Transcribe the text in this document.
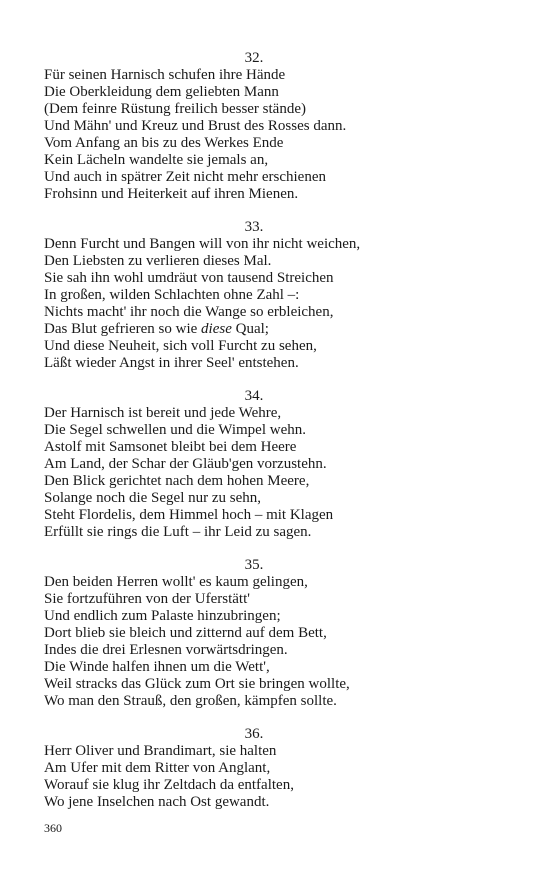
32.

Für seinen Harnisch schufen ihre Hände

Die Oberkleidung dem geliebten Mann

(Dem feinre Rüstung freilich besser stände)

Und Mähn' und Kreuz und Brust des Rosses dann.

Vom Anfang an bis zu des Werkes Ende

Kein Lächeln wandelte sie jemals an,

Und auch in spätrer Zeit nicht mehr erschienen

Frohsinn und Heiterkeit auf ihren Mienen.

33.

Denn Furcht und Bangen will von ihr nicht weichen,

Den Liebsten zu verlieren dieses Mal.

Sie sah ihn wohl umdräut von tausend Streichen

In großen, wilden Schlachten ohne Zahl –:

Nichts macht' ihr noch die Wange so erbleichen,

Das Blut gefrieren so wie diese Qual;

Und diese Neuheit, sich voll Furcht zu sehen,

Läßt wieder Angst in ihrer Seel' entstehen.

34.

Der Harnisch ist bereit und jede Wehre,

Die Segel schwellen und die Wimpel wehn.

Astolf mit Samsonet bleibt bei dem Heere

Am Land, der Schar der Gläub'gen vorzustehn.

Den Blick gerichtet nach dem hohen Meere,

Solange noch die Segel nur zu sehn,

Steht Flordelis, dem Himmel hoch – mit Klagen

Erfüllt sie rings die Luft – ihr Leid zu sagen.

35.

Den beiden Herren wollt' es kaum gelingen,

Sie fortzuführen von der Uferstätt'

Und endlich zum Palaste hinzubringen;

Dort blieb sie bleich und zitternd auf dem Bett,

Indes die drei Erlesnen vorwärtsdringen.

Die Winde halfen ihnen um die Wett',

Weil stracks das Glück zum Ort sie bringen wollte,

Wo man den Strauß, den großen, kämpfen sollte.

36.

Herr Oliver und Brandimart, sie halten

Am Ufer mit dem Ritter von Anglant,

Worauf sie klug ihr Zeltdach da entfalten,

Wo jene Inselchen nach Ost gewandt.

360
